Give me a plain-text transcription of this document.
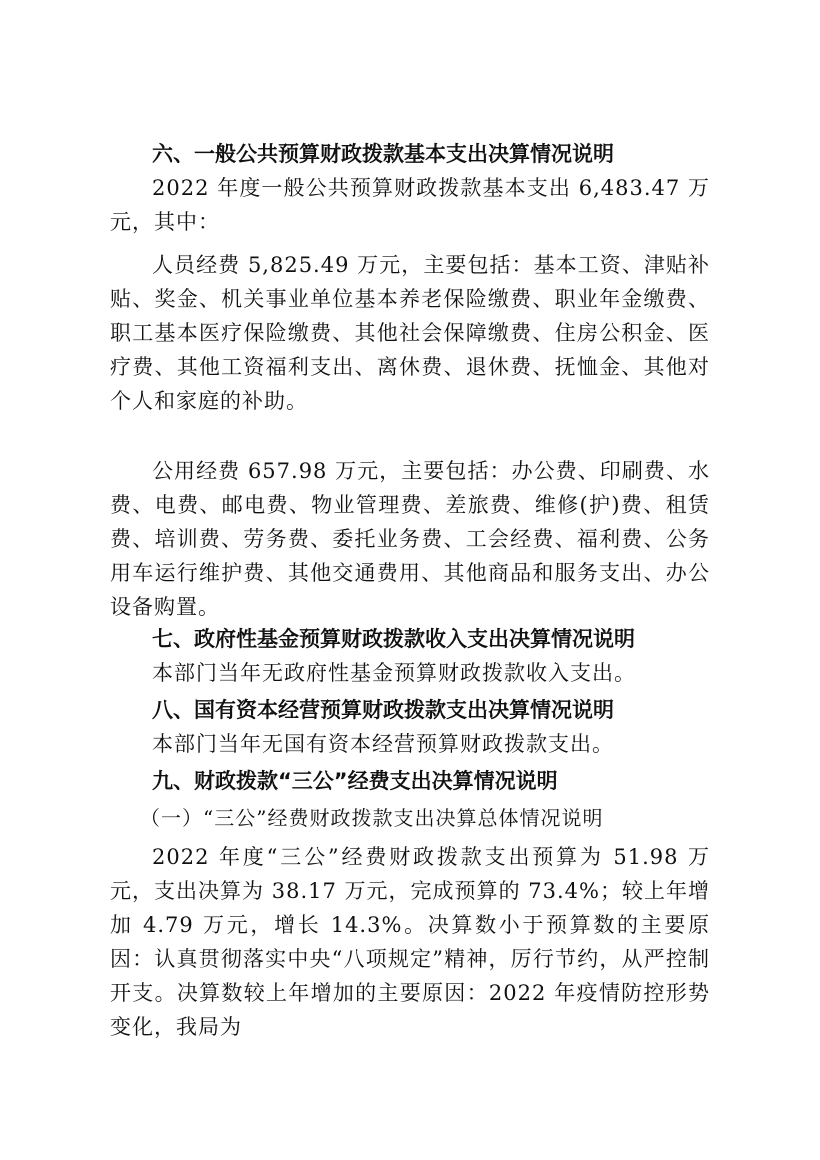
六、一般公共预算财政拨款基本支出决算情况说明

2022 年度一般公共预算财政拨款基本支出 6,483.47 万元，其中：

人员经费 5,825.49 万元，主要包括：基本工资、津贴补贴、奖金、机关事业单位基本养老保险缴费、职业年金缴费、职工基本医疗保险缴费、其他社会保障缴费、住房公积金、医疗费、其他工资福利支出、离休费、退休费、抚恤金、其他对个人和家庭的补助。

公用经费 657.98 万元，主要包括：办公费、印刷费、水费、电费、邮电费、物业管理费、差旅费、维修(护)费、租赁费、培训费、劳务费、委托业务费、工会经费、福利费、公务用车运行维护费、其他交通费用、其他商品和服务支出、办公设备购置。

七、政府性基金预算财政拨款收入支出决算情况说明

本部门当年无政府性基金预算财政拨款收入支出。

八、国有资本经营预算财政拨款支出决算情况说明

本部门当年无国有资本经营预算财政拨款支出。

九、财政拨款“三公”经费支出决算情况说明

（一）“三公”经费财政拨款支出决算总体情况说明

2022 年度“三公”经费财政拨款支出预算为 51.98 万元，支出决算为 38.17 万元，完成预算的 73.4%；较上年增加 4.79 万元，增长 14.3%。决算数小于预算数的主要原因：认真贯彻落实中央“八项规定”精神，厉行节约，从严控制开支。决算数较上年增加的主要原因：2022 年疫情防控形势变化，我局为
